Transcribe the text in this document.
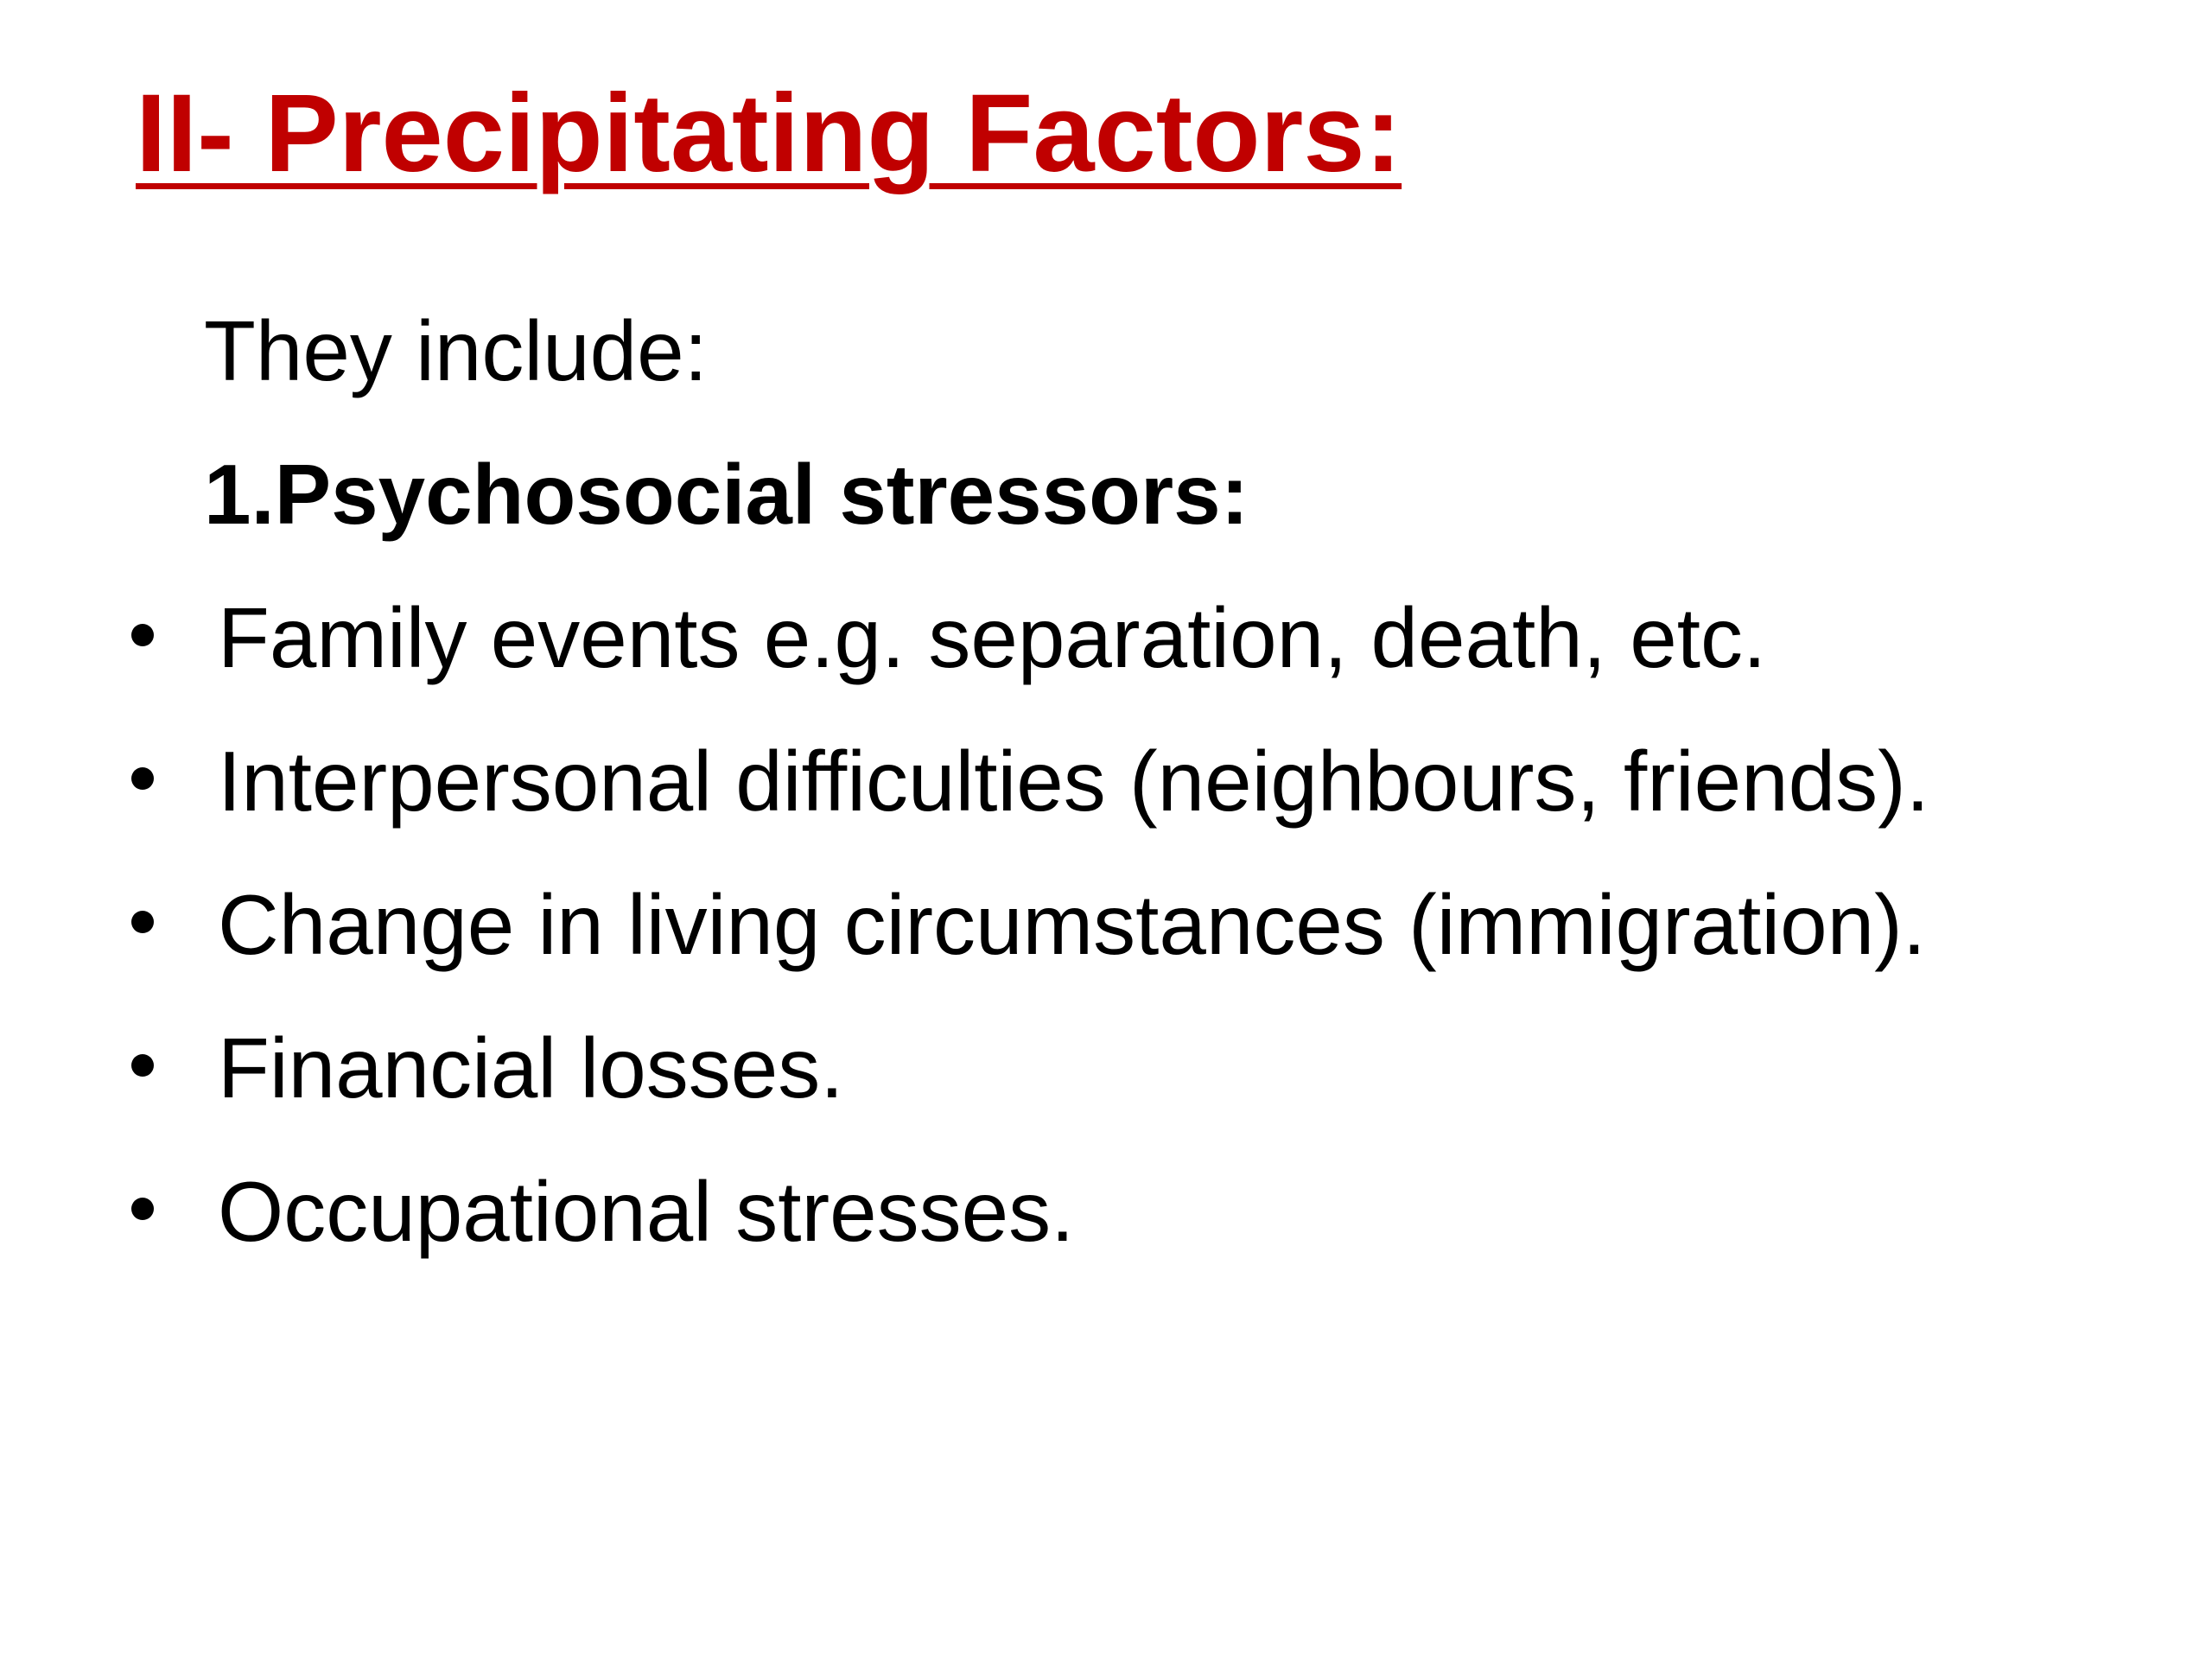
II- Precipitating Factors:

They include:

1.Psychosocial stressors:

Family events e.g. separation, death, etc.
Interpersonal difficulties (neighbours, friends).
Change in living circumstances (immigration).
Financial losses.
Occupational stresses.
